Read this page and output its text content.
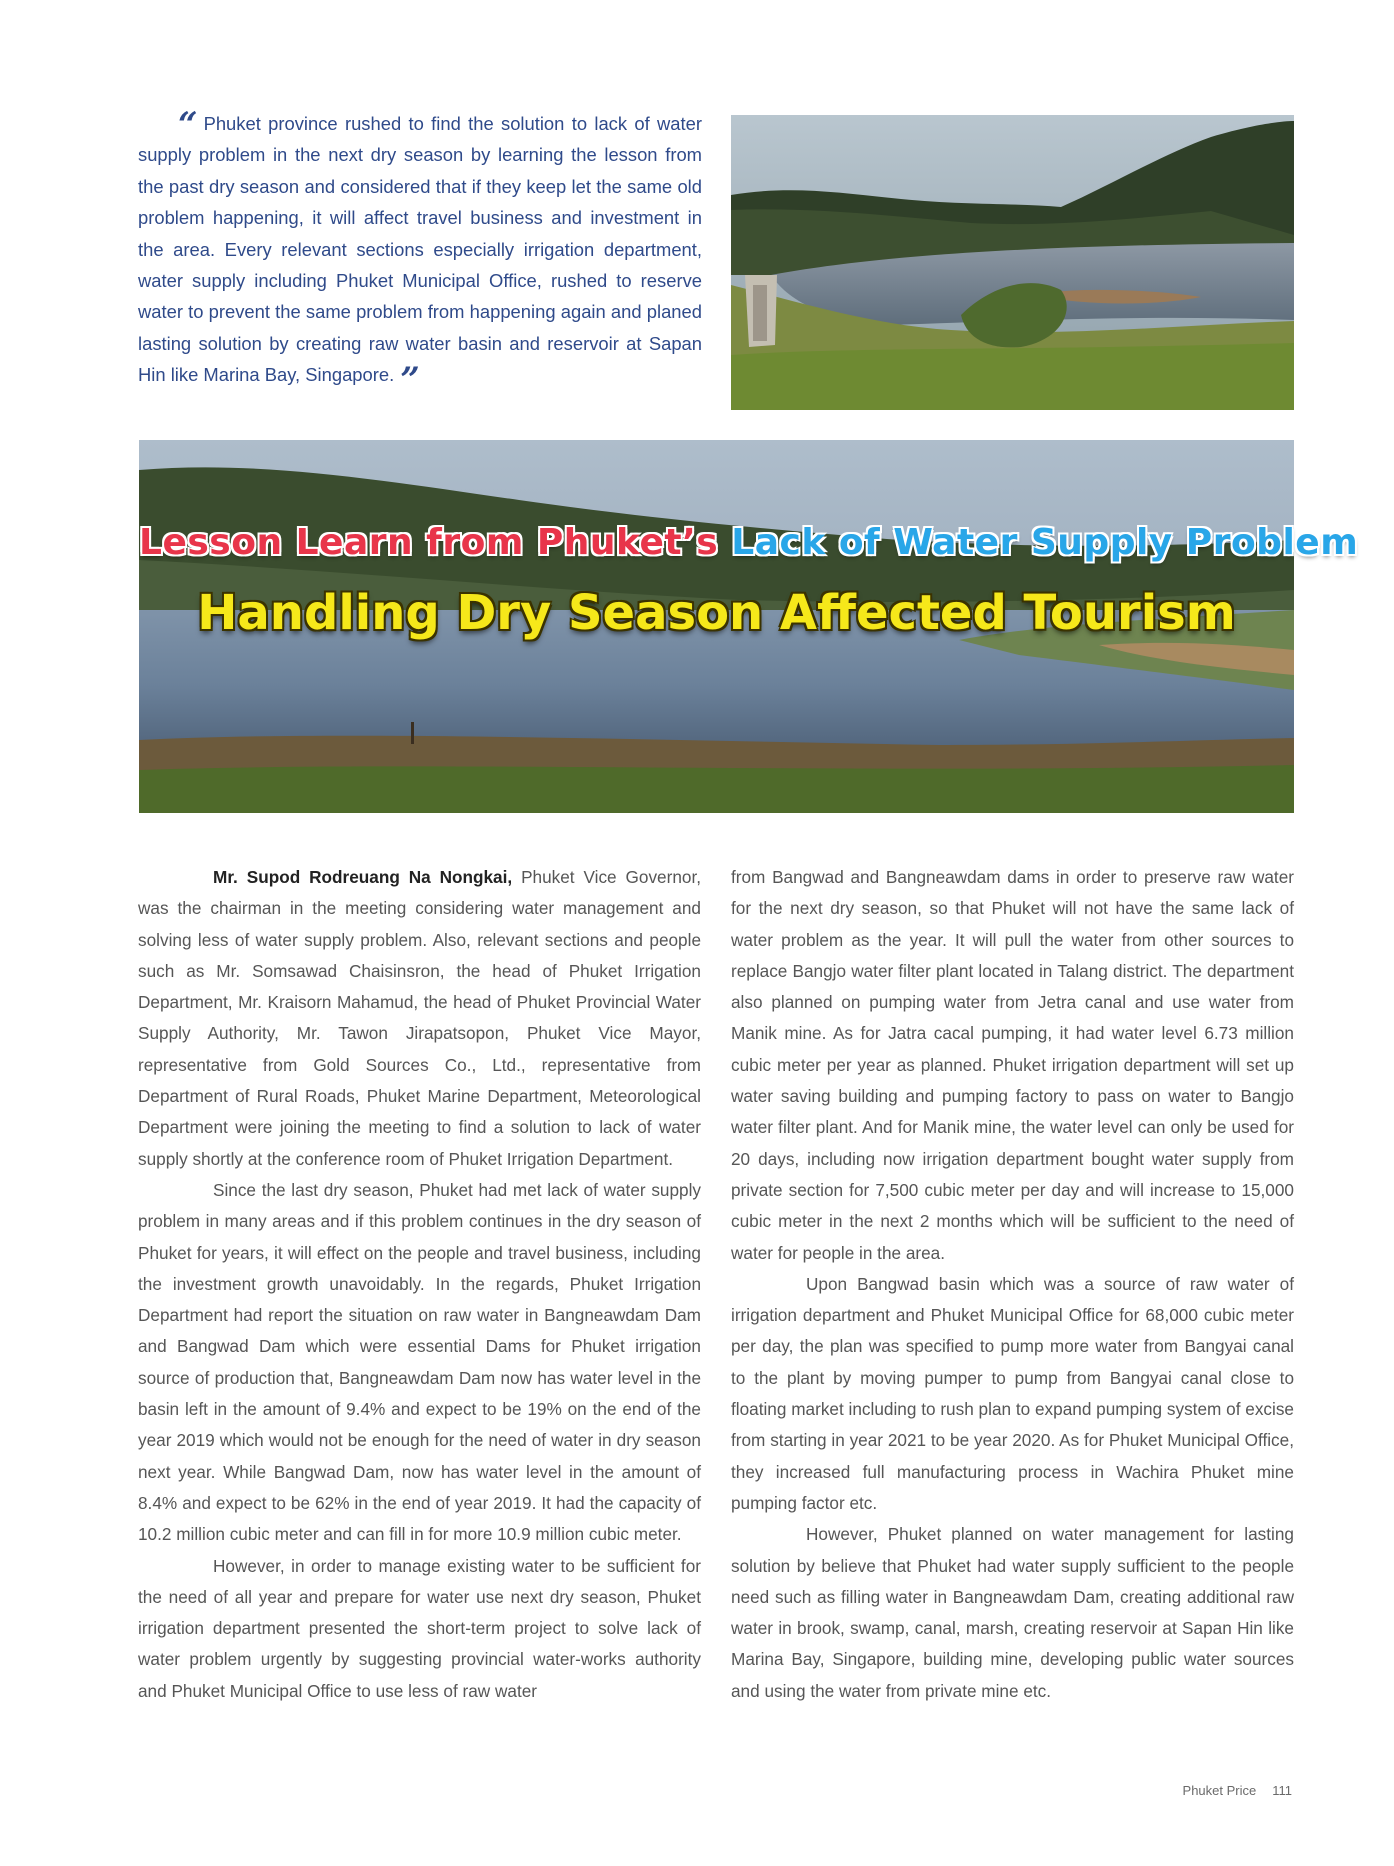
“ Phuket province rushed to find the solution to lack of water supply problem in the next dry season by learning the lesson from the past dry season and considered that if they keep let the same old problem happening, it will affect travel business and investment in the area. Every relevant sections especially irrigation department, water supply including Phuket Municipal Office, rushed to reserve water to prevent the same problem from happening again and planed lasting solution by creating raw water basin and reservoir at Sapan Hin like Marina Bay, Singapore. ”

Lesson Learn from Phuket’s Lack of Water Supply Problem

Handling Dry Season Affected Tourism

Mr. Supod Rodreuang Na Nongkai, Phuket Vice Governor, was the chairman in the meeting considering water management and solving less of water supply problem. Also, relevant sections and people such as Mr. Somsawad Chaisinsron, the head of Phuket Irrigation Department, Mr. Kraisorn Mahamud, the head of Phuket Provincial Water Supply Authority, Mr. Tawon Jirapatsopon, Phuket Vice Mayor, representative from Gold Sources Co., Ltd., representative from Department of Rural Roads, Phuket Marine Department, Meteorological Department were joining the meeting to find a solution to lack of water supply shortly at the conference room of Phuket Irrigation Department.

Since the last dry season, Phuket had met lack of water supply problem in many areas and if this problem continues in the dry season of Phuket for years, it will effect on the people and travel business, including the investment growth unavoidably. In the regards, Phuket Irrigation Department had report the situation on raw water in Bangneawdam Dam and Bangwad Dam which were essential Dams for Phuket irrigation source of production that, Bangneawdam Dam now has water level in the basin left in the amount of 9.4% and expect to be 19% on the end of the year 2019 which would not be enough for the need of water in dry season next year. While Bangwad Dam, now has water level in the amount of 8.4% and expect to be 62% in the end of year 2019. It had the capacity of 10.2 million cubic meter and can fill in for more 10.9 million cubic meter.

However, in order to manage existing water to be sufficient for the need of all year and prepare for water use next dry season, Phuket irrigation department presented the short-term project to solve lack of water problem urgently by suggesting provincial water-works authority and Phuket Municipal Office to use less of raw water

from Bangwad and Bangneawdam dams in order to preserve raw water for the next dry season, so that Phuket will not have the same lack of water problem as the year. It will pull the water from other sources to replace Bangjo water filter plant located in Talang district. The department also planned on pumping water from Jetra canal and use water from Manik mine. As for Jatra cacal pumping, it had water level 6.73 million cubic meter per year as planned. Phuket irrigation department will set up water saving building and pumping factory to pass on water to Bangjo water filter plant. And for Manik mine, the water level can only be used for 20 days, including now irrigation department bought water supply from private section for 7,500 cubic meter per day and will increase to 15,000 cubic meter in the next 2 months which will be sufficient to the need of water for people in the area.

Upon Bangwad basin which was a source of raw water of irrigation department and Phuket Municipal Office for 68,000 cubic meter per day, the plan was specified to pump more water from Bangyai canal to the plant by moving pumper to pump from Bangyai canal close to floating market including to rush plan to expand pumping system of excise from starting in year 2021 to be year 2020. As for Phuket Municipal Office, they increased full manufacturing process in Wachira Phuket mine pumping factor etc.

However, Phuket planned on water management for lasting solution by believe that Phuket had water supply sufficient to the people need such as filling water in Bangneawdam Dam, creating additional raw water in brook, swamp, canal, marsh, creating reservoir at Sapan Hin like Marina Bay, Singapore, building mine, developing public water sources and using the water from private mine etc.

Phuket Price 111
